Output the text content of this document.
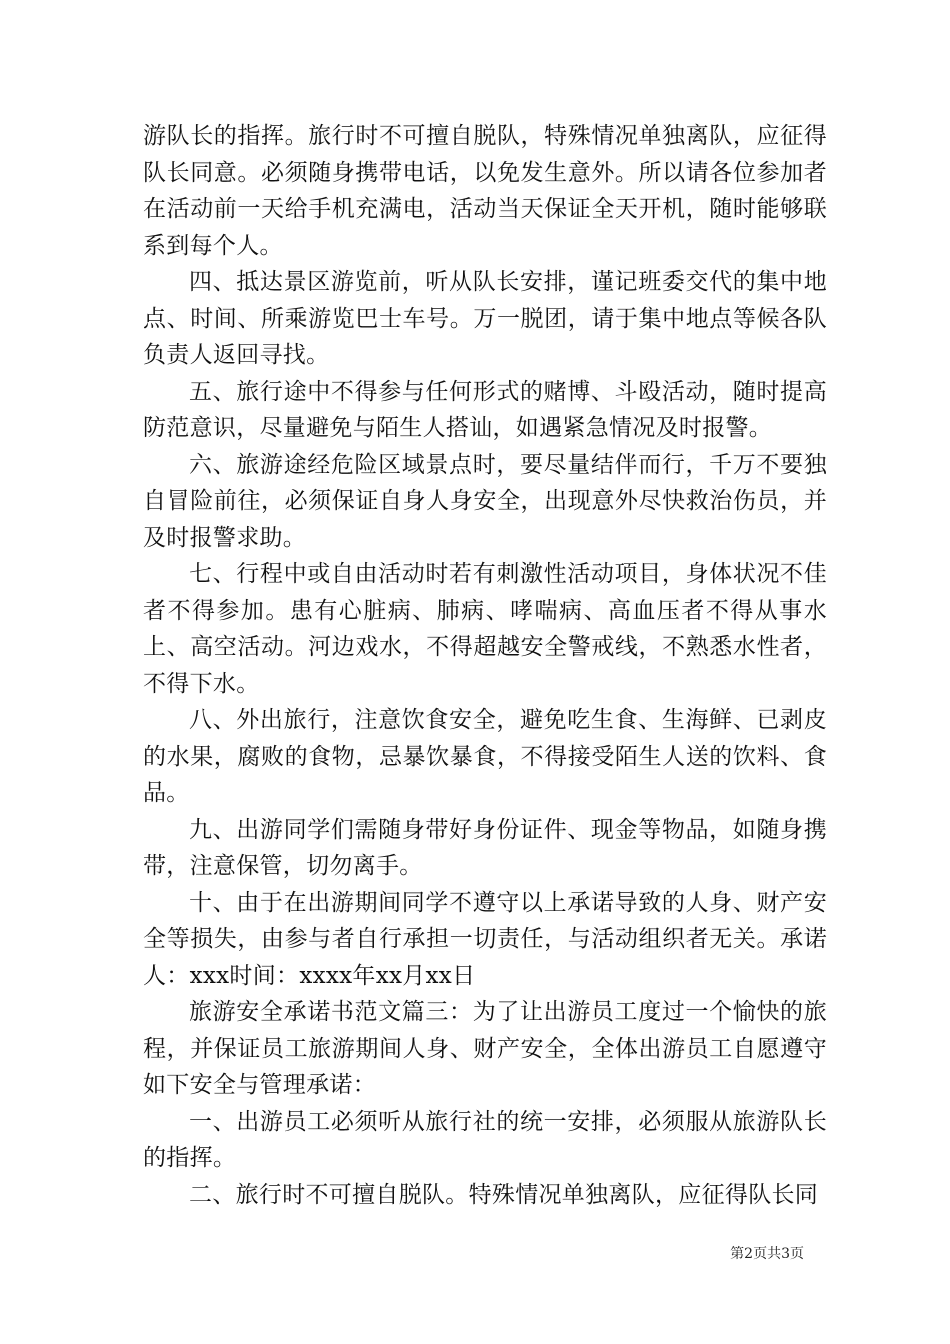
游队长的指挥。旅行时不可擅自脱队，特殊情况单独离队，应征得队长同意。必须随身携带电话，以免发生意外。所以请各位参加者在活动前一天给手机充满电，活动当天保证全天开机，随时能够联系到每个人。

四、抵达景区游览前，听从队长安排，谨记班委交代的集中地点、时间、所乘游览巴士车号。万一脱团，请于集中地点等候各队负责人返回寻找。

五、旅行途中不得参与任何形式的赌博、斗殴活动，随时提高防范意识，尽量避免与陌生人搭讪，如遇紧急情况及时报警。

六、旅游途经危险区域景点时，要尽量结伴而行，千万不要独自冒险前往，必须保证自身人身安全，出现意外尽快救治伤员，并及时报警求助。

七、行程中或自由活动时若有刺激性活动项目，身体状况不佳者不得参加。患有心脏病、肺病、哮喘病、高血压者不得从事水上、高空活动。河边戏水，不得超越安全警戒线，不熟悉水性者，不得下水。

八、外出旅行，注意饮食安全，避免吃生食、生海鲜、已剥皮的水果，腐败的食物，忌暴饮暴食，不得接受陌生人送的饮料、食品。

九、出游同学们需随身带好身份证件、现金等物品，如随身携带，注意保管，切勿离手。

十、由于在出游期间同学不遵守以上承诺导致的人身、财产安全等损失，由参与者自行承担一切责任，与活动组织者无关。承诺人：xxx时间：xxxx年xx月xx日

旅游安全承诺书范文篇三：为了让出游员工度过一个愉快的旅程，并保证员工旅游期间人身、财产安全，全体出游员工自愿遵守如下安全与管理承诺：

一、出游员工必须听从旅行社的统一安排，必须服从旅游队长的指挥。

二、旅行时不可擅自脱队。特殊情况单独离队，应征得队长同

第2页共3页
